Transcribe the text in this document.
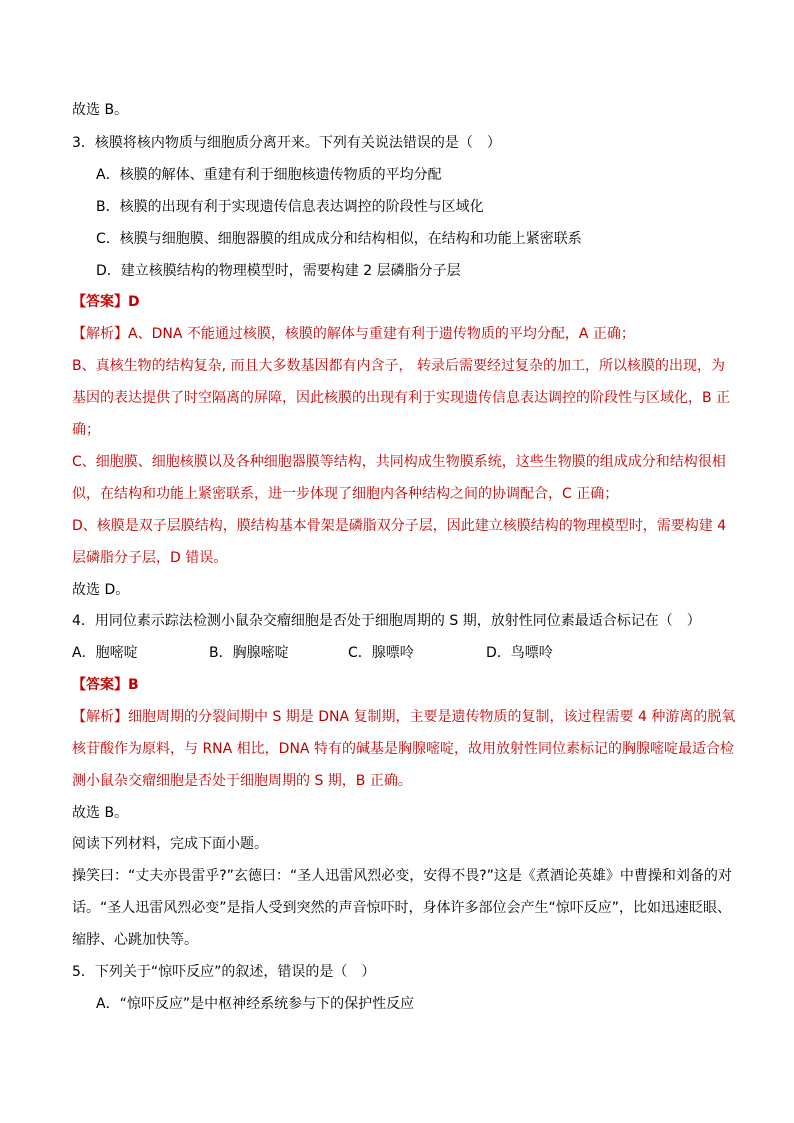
故选 B。
3．核膜将核内物质与细胞质分离开来。下列有关说法错误的是（　）
A．核膜的解体、重建有利于细胞核遗传物质的平均分配
B．核膜的出现有利于实现遗传信息表达调控的阶段性与区域化
C．核膜与细胞膜、细胞器膜的组成成分和结构相似，在结构和功能上紧密联系
D．建立核膜结构的物理模型时，需要构建 2 层磷脂分子层
【答案】D
【解析】A、DNA 不能通过核膜，核膜的解体与重建有利于遗传物质的平均分配，A 正确；
B、真核生物的结构复杂, 而且大多数基因都有内含子， 转录后需要经过复杂的加工，所以核膜的出现，为
基因的表达提供了时空隔离的屏障，因此核膜的出现有利于实现遗传信息表达调控的阶段性与区域化，B 正
确；
C、细胞膜、细胞核膜以及各种细胞器膜等结构，共同构成生物膜系统，这些生物膜的组成成分和结构很相
似，在结构和功能上紧密联系，进一步体现了细胞内各种结构之间的协调配合，C 正确；
D、核膜是双子层膜结构，膜结构基本骨架是磷脂双分子层，因此建立核膜结构的物理模型时，需要构建 4
层磷脂分子层，D 错误。
故选 D。
4．用同位素示踪法检测小鼠杂交瘤细胞是否处于细胞周期的 S 期，放射性同位素最适合标记在（　）
A．胞嘧啶	B．胸腺嘧啶	C．腺嘌呤	D．鸟嘌呤
【答案】B
【解析】细胞周期的分裂间期中 S 期是 DNA 复制期，主要是遗传物质的复制，该过程需要 4 种游离的脱氧
核苷酸作为原料，与 RNA 相比，DNA 特有的碱基是胸腺嘧啶，故用放射性同位素标记的胸腺嘧啶最适合检
测小鼠杂交瘤细胞是否处于细胞周期的 S 期，B 正确。
故选 B。
阅读下列材料，完成下面小题。
操笑曰：“丈夫亦畏雷乎?”玄德曰：“圣人迅雷风烈必变，安得不畏?”这是《煮酒论英雄》中曹操和刘备的对
话。“圣人迅雷风烈必变”是指人受到突然的声音惊吓时，身体许多部位会产生“惊吓反应”，比如迅速眨眼、
缩脖、心跳加快等。
5．下列关于“惊吓反应”的叙述，错误的是（　）
A．“惊吓反应”是中枢神经系统参与下的保护性反应
